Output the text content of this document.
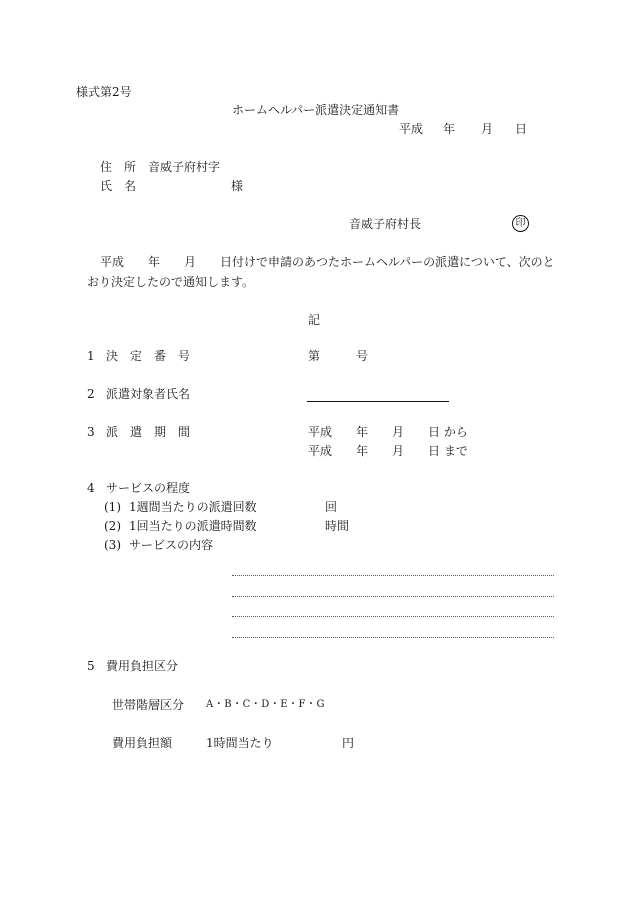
様式第2号
ホームヘルパー派遣決定通知書
平成 年 月 日
住　所 音威子府村字
氏　名	様
音威子府村長	印
平成　　年　　月　　日付けで申請のあつたホームヘルパーの派遣について、次のと
おり決定したので通知します。
記
1 決　定　番　号	第　　　号
2 派遣対象者氏名
3 派　遣　期　間	平成　　年　　月　　日 から
平成　　年　　月　　日 まで
4 サービスの程度
(1) 1週間当たりの派遣回数	回
(2) 1回当たりの派遣時間数	時間
(3) サービスの内容
5 費用負担区分
世帯階層区分 A・B・C・D・E・F・G
費用負担額	1時間当たり	円
